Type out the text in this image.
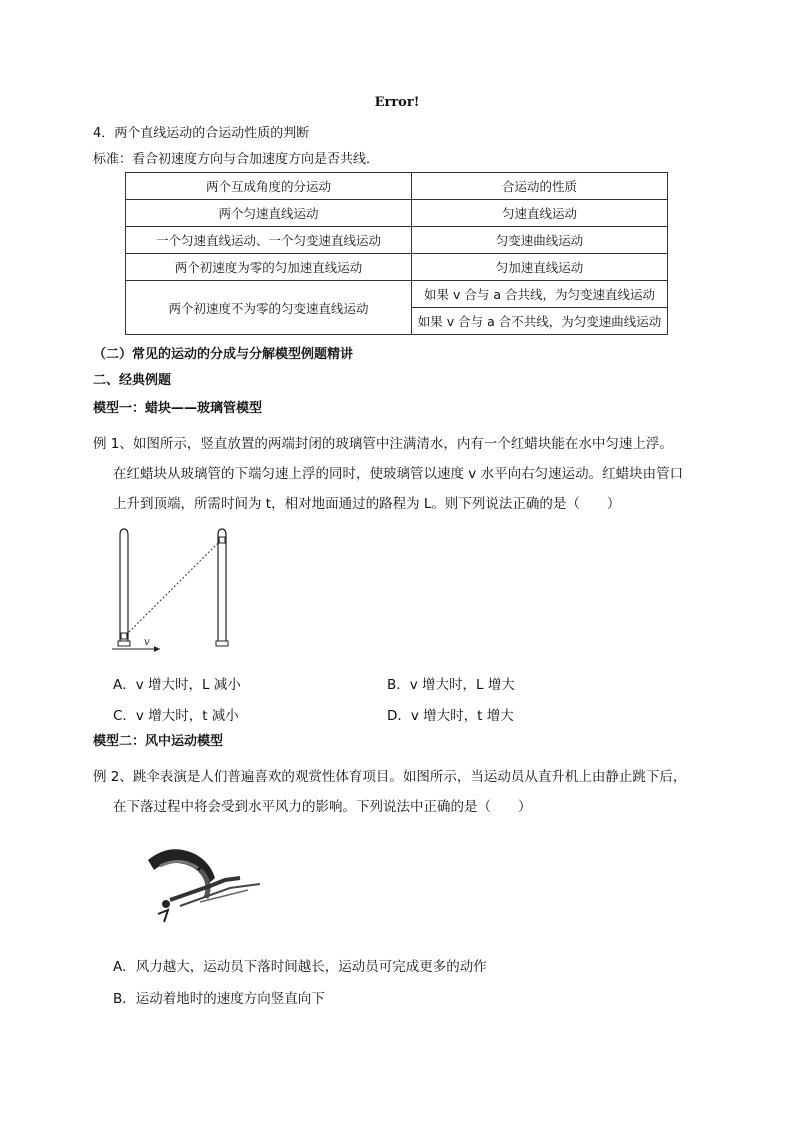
Error!
4．两个直线运动的合运动性质的判断
标准：看合初速度方向与合加速度方向是否共线．
两个互成角度的分运动	合运动的性质
两个匀速直线运动	匀速直线运动
一个匀速直线运动、一个匀变速直线运动	匀变速曲线运动
两个初速度为零的匀加速直线运动	匀加速直线运动
两个初速度不为零的匀变速直线运动	如果 v 合与 a 合共线，为匀变速直线运动
	如果 v 合与 a 合不共线，为匀变速曲线运动
（二）常见的运动的分成与分解模型例题精讲
二、经典例题
模型一：蜡块——玻璃管模型
例 1、如图所示，竖直放置的两端封闭的玻璃管中注满清水，内有一个红蜡块能在水中匀速上浮。
在红蜡块从玻璃管的下端匀速上浮的同时，使玻璃管以速度 v 水平向右匀速运动。红蜡块由管口
上升到顶端，所需时间为 t，相对地面通过的路程为 L。则下列说法正确的是（　　）
v
A．v 增大时，L 减小	B．v 增大时，L 增大
C．v 增大时，t 减小	D．v 增大时，t 增大
模型二：风中运动模型
例 2、跳伞表演是人们普遍喜欢的观赏性体育项目。如图所示，当运动员从直升机上由静止跳下后，
在下落过程中将会受到水平风力的影响。下列说法中正确的是（　　）
A．风力越大，运动员下落时间越长，运动员可完成更多的动作
B．运动着地时的速度方向竖直向下
